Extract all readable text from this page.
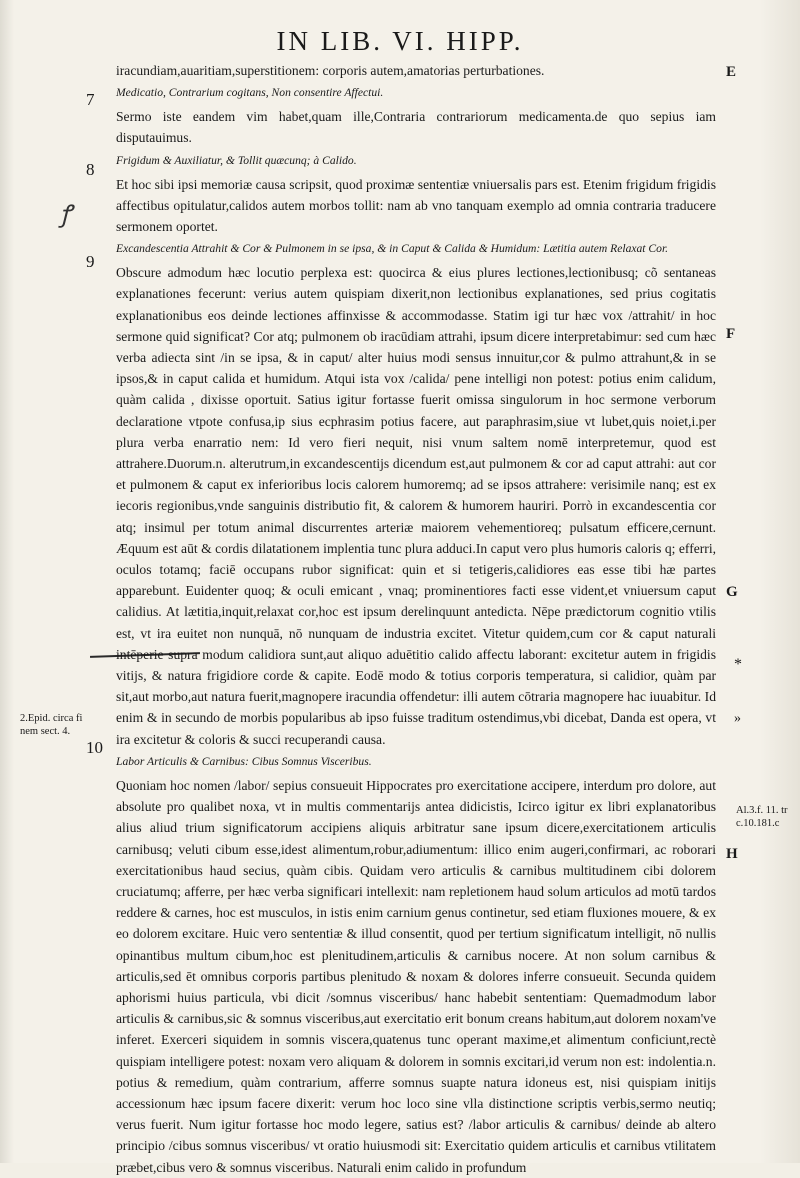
IN LIB. VI. HIPP.
7
8
9
10
E
F
G
H
2.Epid. circa fi
nem sect. 4.
Al.3.f. 11. tr
c.10.181.c
»
*
ꝭ

iracundiam,auaritiam,superstitionem: corporis autem,amatorias perturbationes.

Medicatio, Contrarium cogitans, Non consentire Affectui.

Sermo iste eandem vim habet,quam ille,Contraria contrariorum medicamenta.de quo sepius iam disputauimus.

Frigidum & Auxiliatur, & Tollit quæcunq; à Calido.

Et hoc sibi ipsi memoriæ causa scripsit, quod proximæ sententiæ vniuersalis pars est. Etenim frigidum frigidis affectibus opitulatur,calidos autem morbos tollit: nam ab vno tanquam exemplo ad omnia contraria traducere sermonem oportet.

Excandescentia Attrahit & Cor & Pulmonem in se ipsa, & in Caput & Calida & Humidum: Lætitia autem Relaxat Cor.

Obscure admodum hæc locutio perplexa est: quocirca & eius plures lectiones,lectionibusq; cõ sentaneas explanationes fecerunt: verius autem quispiam dixerit,non lectionibus explanationes, sed prius cogitatis explanationibus eos deinde lectiones affinxisse & accommodasse. Statim igi tur hæc vox /attrahit/ in hoc sermone quid significat? Cor atq; pulmonem ob iracūdiam attrahi, ipsum dicere interpretabimur: sed cum hæc verba adiecta sint /in se ipsa, & in caput/ alter huius modi sensus innuitur,cor & pulmo attrahunt,& in se ipsos,& in caput calida et humidum. Atqui ista vox /calida/ pene intelligi non potest: potius enim calidum, quàm calida , dixisse oportuit. Satius igitur fortasse fuerit omissa singulorum in hoc sermone verborum declaratione vtpote confusa,ip sius ecphrasim potius facere, aut paraphrasim,siue vt lubet,quis noiet,i.per plura verba enarratio nem: Id vero fieri nequit, nisi vnum saltem nomē interpretemur, quod est attrahere.Duorum.n. alterutrum,in excandescentijs dicendum est,aut pulmonem & cor ad caput attrahi: aut cor et pulmonem & caput ex inferioribus locis calorem humoremq; ad se ipsos attrahere: verisimile nanq; est ex iecoris regionibus,vnde sanguinis distributio fit, & calorem & humorem hauriri. Porrò in excandescentia cor atq; insimul per totum animal discurrentes arteriæ maiorem vehementioreq; pulsatum efficere,cernunt. Æquum est aūt & cordis dilatationem implentia tunc plura adduci.In caput vero plus humoris caloris q; efferri, oculos totamq; faciē occupans rubor significat: quin et si tetigeris,calidiores eas esse tibi hæ partes apparebunt. Euidenter quoq; & oculi emicant , vnaq; prominentiores facti esse vident,et vniuersum caput calidius. At lætitia,inquit,relaxat cor,hoc est ipsum derelinquunt antedicta. Nēpe prædictorum cognitio vtilis est, vt ira euitet non nunquā, nō nunquam de industria excitet. Vitetur quidem,cum cor & caput naturali intēperie supra modum calidiora sunt,aut aliquo aduētitio calido affectu laborant: excitetur autem in frigidis vitijs, & natura frigidiore corde & capite. Eodē modo & totius corporis temperatura, si calidior, quàm par sit,aut morbo,aut natura fuerit,magnopere iracundia offendetur: illi autem cōtraria magnopere hac iuuabitur. Id enim & in secundo de morbis popularibus ab ipso fuisse traditum ostendimus,vbi dicebat, Danda est opera, vt ira excitetur & coloris & succi recuperandi causa.

Labor Articulis & Carnibus: Cibus Somnus Visceribus.

Quoniam hoc nomen /labor/ sepius consueuit Hippocrates pro exercitatione accipere, interdum pro dolore, aut absolute pro qualibet noxa, vt in multis commentarijs antea didicistis, Icirco igitur ex libri explanatoribus alius aliud trium significatorum accipiens aliquis arbitratur sane ipsum dicere,exercitationem articulis carnibusq; veluti cibum esse,idest alimentum,robur,adiumentum: illico enim augeri,confirmari, ac roborari exercitationibus haud secius, quàm cibis. Quidam vero articulis & carnibus multitudinem cibi dolorem cruciatumq; afferre, per hæc verba significari intellexit: nam repletionem haud solum articulos ad motū tardos reddere & carnes, hoc est musculos, in istis enim carnium genus continetur, sed etiam fluxiones mouere, & ex eo dolorem excitare. Huic vero sententiæ & illud consentit, quod per tertium significatum intelligit, nō nullis opinantibus multum cibum,hoc est plenitudinem,articulis & carnibus nocere. At non solum carnibus & articulis,sed ēt omnibus corporis partibus plenitudo & noxam & dolores inferre consueuit. Secunda quidem aphorismi huius particula, vbi dicit /somnus visceribus/ hanc habebit sententiam: Quemadmodum labor articulis & carnibus,sic & somnus visceribus,aut exercitatio erit bonum creans habitum,aut dolorem noxam've inferet. Exerceri siquidem in somnis viscera,quatenus tunc operant maxime,et alimentum conficiunt,rectè quispiam intelligere potest: noxam vero aliquam & dolorem in somnis excitari,id verum non est: indolentia.n. potius & remedium, quàm contrarium, afferre somnus suapte natura idoneus est, nisi quispiam initijs accessionum hæc ipsum facere dixerit: verum hoc loco sine vlla distinctione scriptis verbis,sermo neutiq; verus fuerit. Num igitur fortasse hoc modo legere, satius est? /labor articulis & carnibus/ deinde ab altero principio /cibus somnus visceribus/ vt oratio huiusmodi sit: Exercitatio quidem articulis et carnibus vtilitatem præbet,cibus vero & somnus visceribus. Naturali enim calido in profundum
